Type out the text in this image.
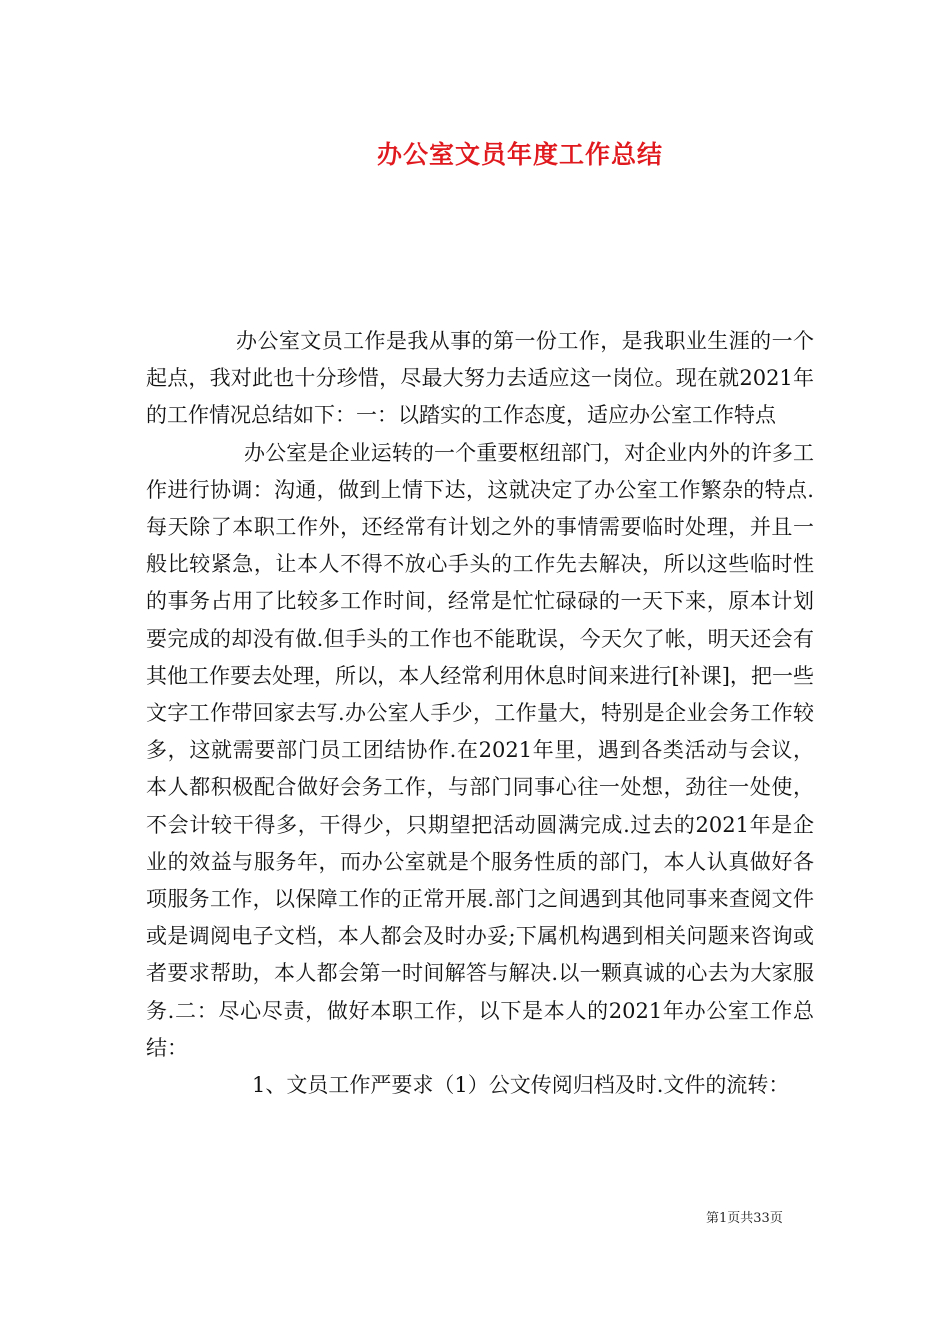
办公室文员年度工作总结

办公室文员工作是我从事的第一份工作，是我职业生涯的一个起点，我对此也十分珍惜，尽最大努力去适应这一岗位。现在就2021年的工作情况总结如下：一：以踏实的工作态度，适应办公室工作特点

办公室是企业运转的一个重要枢纽部门，对企业内外的许多工作进行协调：沟通，做到上情下达，这就决定了办公室工作繁杂的特点.每天除了本职工作外，还经常有计划之外的事情需要临时处理，并且一般比较紧急，让本人不得不放心手头的工作先去解决，所以这些临时性的事务占用了比较多工作时间，经常是忙忙碌碌的一天下来，原本计划要完成的却没有做.但手头的工作也不能耽误，今天欠了帐，明天还会有其他工作要去处理，所以，本人经常利用休息时间来进行[补课]，把一些文字工作带回家去写.办公室人手少，工作量大，特别是企业会务工作较多，这就需要部门员工团结协作.在2021年里，遇到各类活动与会议，本人都积极配合做好会务工作，与部门同事心往一处想，劲往一处使，不会计较干得多，干得少，只期望把活动圆满完成.过去的2021年是企业的效益与服务年，而办公室就是个服务性质的部门，本人认真做好各项服务工作，以保障工作的正常开展.部门之间遇到其他同事来查阅文件或是调阅电子文档，本人都会及时办妥;下属机构遇到相关问题来咨询或者要求帮助，本人都会第一时间解答与解决.以一颗真诚的心去为大家服务.二：尽心尽责，做好本职工作，以下是本人的2021年办公室工作总结：

1、文员工作严要求（1）公文传阅归档及时.文件的流转：

第1页共33页
